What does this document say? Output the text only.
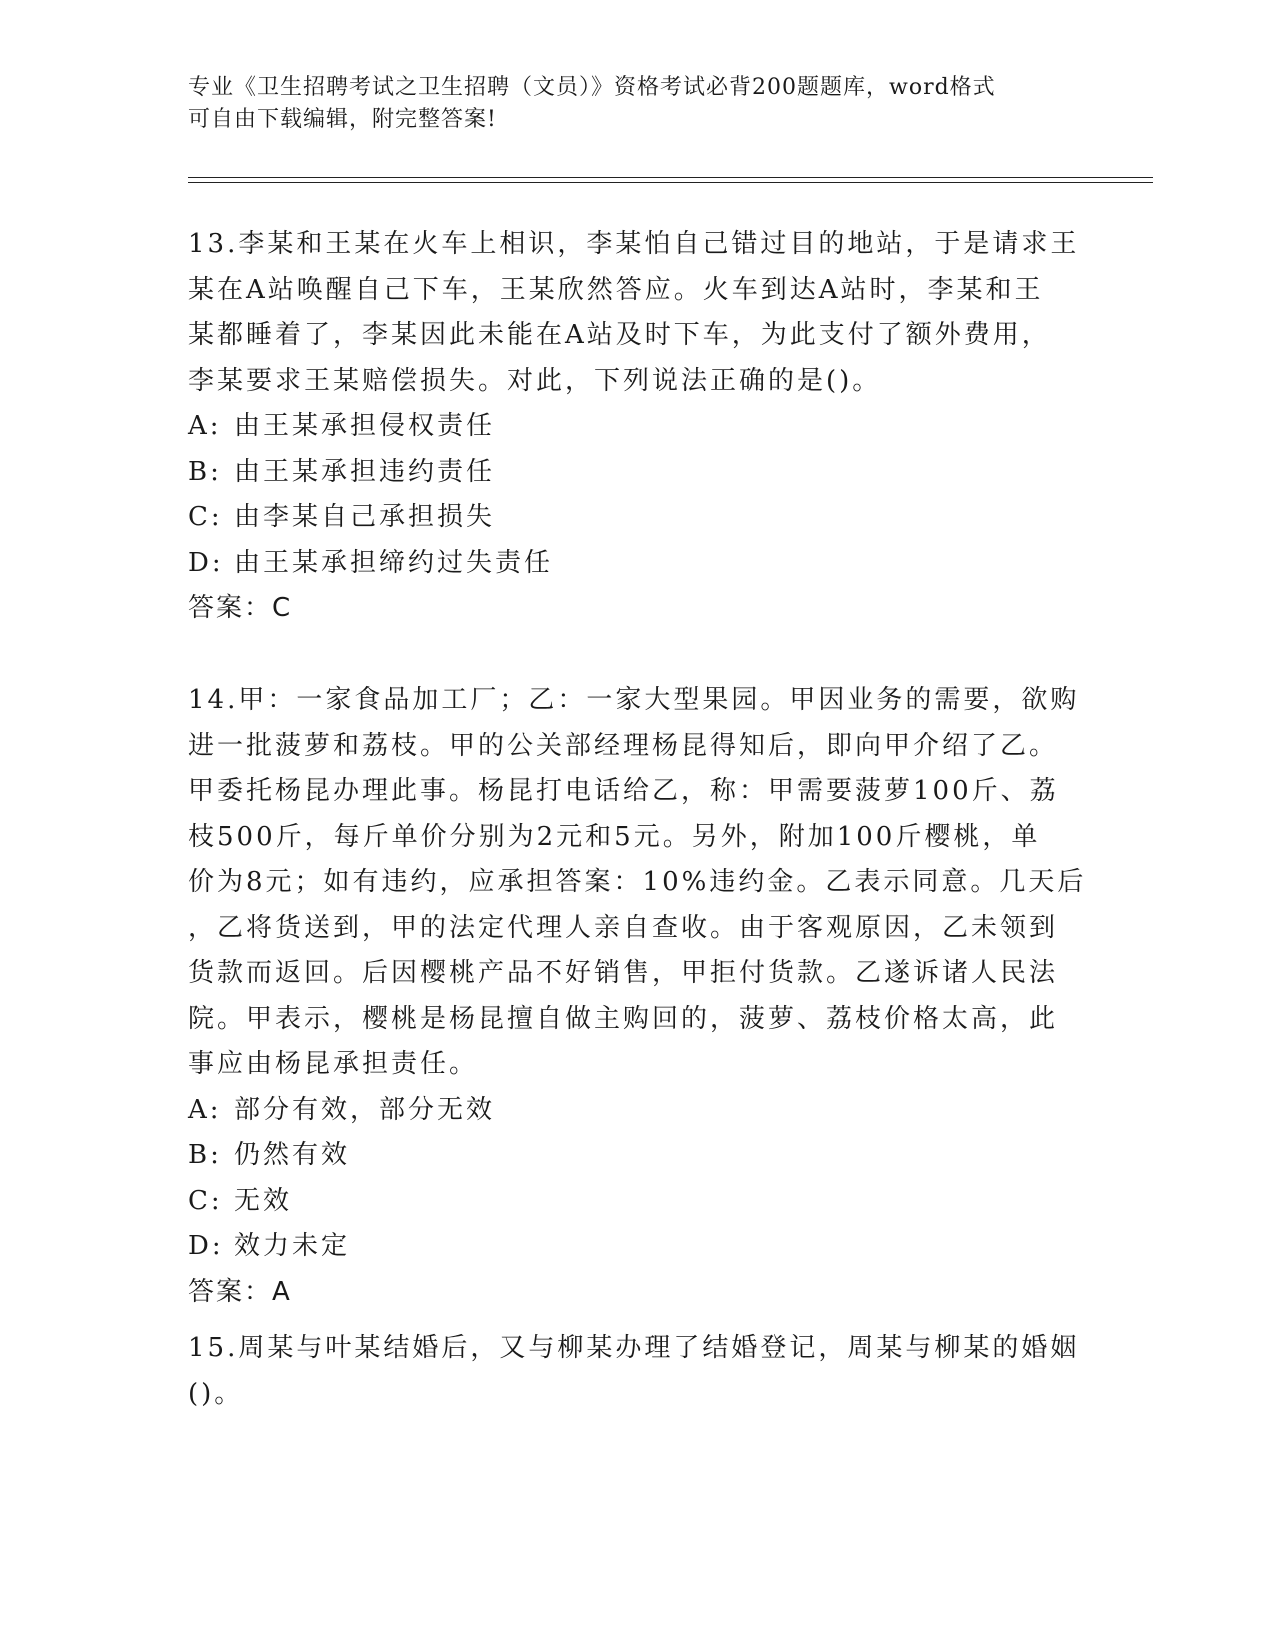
专业《卫生招聘考试之卫生招聘（文员）》资格考试必背200题题库，word格式
可自由下载编辑，附完整答案!

13.李某和王某在火车上相识，李某怕自己错过目的地站，于是请求王

某在A站唤醒自己下车，王某欣然答应。火车到达A站时，李某和王

某都睡着了，李某因此未能在A站及时下车，为此支付了额外费用，

李某要求王某赔偿损失。对此，下列说法正确的是()。

A: 由王某承担侵权责任

B: 由王某承担违约责任

C: 由李某自己承担损失

D: 由王某承担缔约过失责任

答案：C

14.甲：一家食品加工厂；乙：一家大型果园。甲因业务的需要，欲购

进一批菠萝和荔枝。甲的公关部经理杨昆得知后，即向甲介绍了乙。

甲委托杨昆办理此事。杨昆打电话给乙，称：甲需要菠萝100斤、荔

枝500斤，每斤单价分别为2元和5元。另外，附加100斤樱桃，单

价为8元；如有违约，应承担答案：10%违约金。乙表示同意。几天后

，乙将货送到，甲的法定代理人亲自查收。由于客观原因，乙未领到

货款而返回。后因樱桃产品不好销售，甲拒付货款。乙遂诉诸人民法

院。甲表示，樱桃是杨昆擅自做主购回的，菠萝、荔枝价格太高，此

事应由杨昆承担责任。

A: 部分有效，部分无效

B: 仍然有效

C: 无效

D: 效力未定

答案：A

15.周某与叶某结婚后，又与柳某办理了结婚登记，周某与柳某的婚姻

()。
